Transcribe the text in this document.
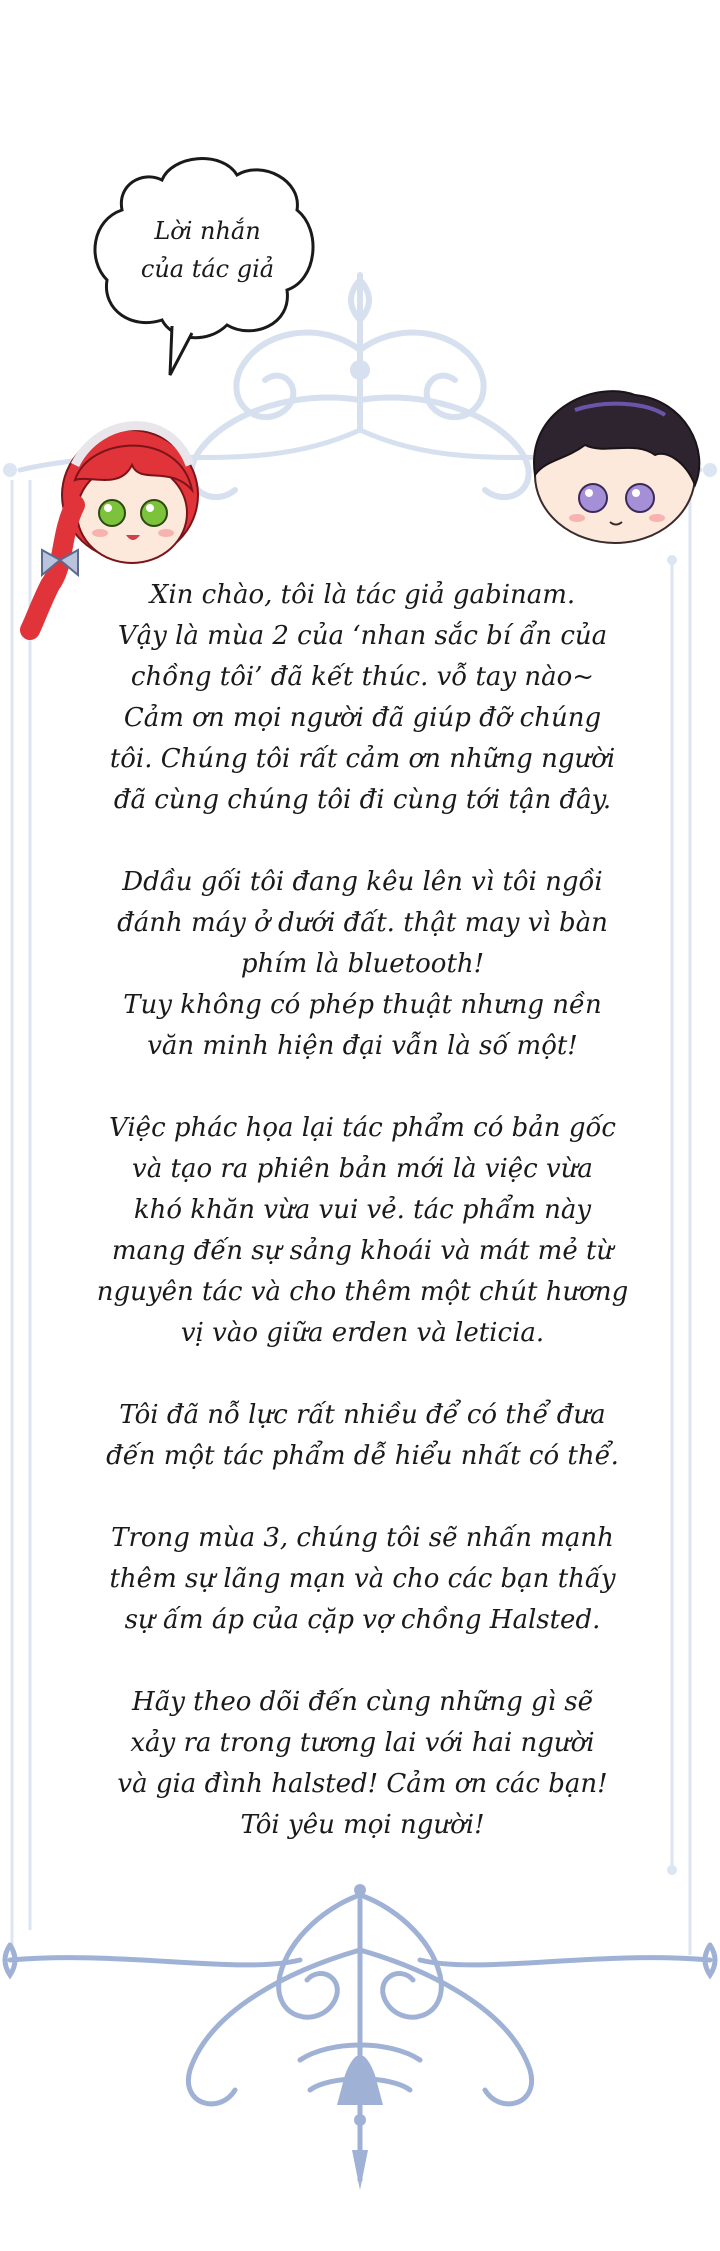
Lời nhắn
của tác giả
Xin chào, tôi là tác giả gabinam.
Vậy là mùa 2 của ‘nhan sắc bí ẩn của
chồng tôi’ đã kết thúc. vỗ tay nào~
Cảm ơn mọi người đã giúp đỡ chúng
tôi. Chúng tôi rất cảm ơn những người
đã cùng chúng tôi đi cùng tới tận đây.
Ddầu gối tôi đang kêu lên vì tôi ngồi
đánh máy ở dưới đất. thật may vì bàn
phím là bluetooth!
Tuy không có phép thuật nhưng nền
văn minh hiện đại vẫn là số một!
Việc phác họa lại tác phẩm có bản gốc
và tạo ra phiên bản mới là việc vừa
khó khăn vừa vui vẻ. tác phẩm này
mang đến sự sảng khoái và mát mẻ từ
nguyên tác và cho thêm một chút hương
vị vào giữa erden và leticia.
Tôi đã nỗ lực rất nhiều để có thể đưa
đến một tác phẩm dễ hiểu nhất có thể.
Trong mùa 3, chúng tôi sẽ nhấn mạnh
thêm sự lãng mạn và cho các bạn thấy
sự ấm áp của cặp vợ chồng Halsted.
Hãy theo dõi đến cùng những gì sẽ
xảy ra trong tương lai với hai người
và gia đình halsted! Cảm ơn các bạn!
Tôi yêu mọi người!
